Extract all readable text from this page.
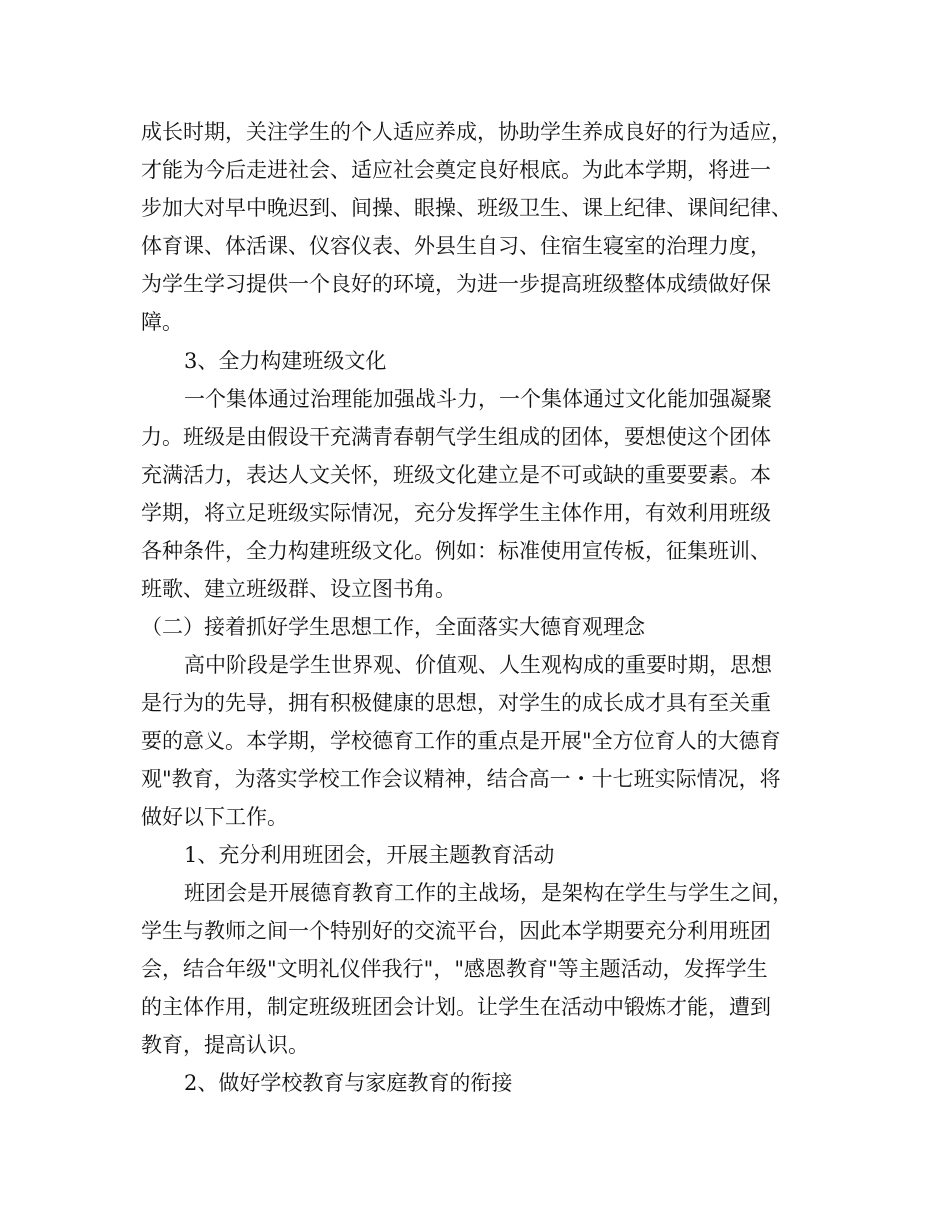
成长时期，关注学生的个人适应养成，协助学生养成良好的行为适应，
才能为今后走进社会、适应社会奠定良好根底。为此本学期，将进一
步加大对早中晚迟到、间操、眼操、班级卫生、课上纪律、课间纪律、
体育课、体活课、仪容仪表、外县生自习、住宿生寝室的治理力度，
为学生学习提供一个良好的环境，为进一步提高班级整体成绩做好保
障。
3、全力构建班级文化
一个集体通过治理能加强战斗力，一个集体通过文化能加强凝聚
力。班级是由假设干充满青春朝气学生组成的团体，要想使这个团体
充满活力，表达人文关怀，班级文化建立是不可或缺的重要要素。本
学期，将立足班级实际情况，充分发挥学生主体作用，有效利用班级
各种条件，全力构建班级文化。例如：标准使用宣传板，征集班训、
班歌、建立班级群、设立图书角。
（二）接着抓好学生思想工作，全面落实大德育观理念
高中阶段是学生世界观、价值观、人生观构成的重要时期，思想
是行为的先导，拥有积极健康的思想，对学生的成长成才具有至关重
要的意义。本学期，学校德育工作的重点是开展"全方位育人的大德育
观"教育，为落实学校工作会议精神，结合高一・十七班实际情况，将
做好以下工作。
1、充分利用班团会，开展主题教育活动
班团会是开展德育教育工作的主战场，是架构在学生与学生之间，
学生与教师之间一个特别好的交流平台，因此本学期要充分利用班团
会，结合年级"文明礼仪伴我行"，"感恩教育"等主题活动，发挥学生
的主体作用，制定班级班团会计划。让学生在活动中锻炼才能，遭到
教育，提高认识。
2、做好学校教育与家庭教育的衔接
